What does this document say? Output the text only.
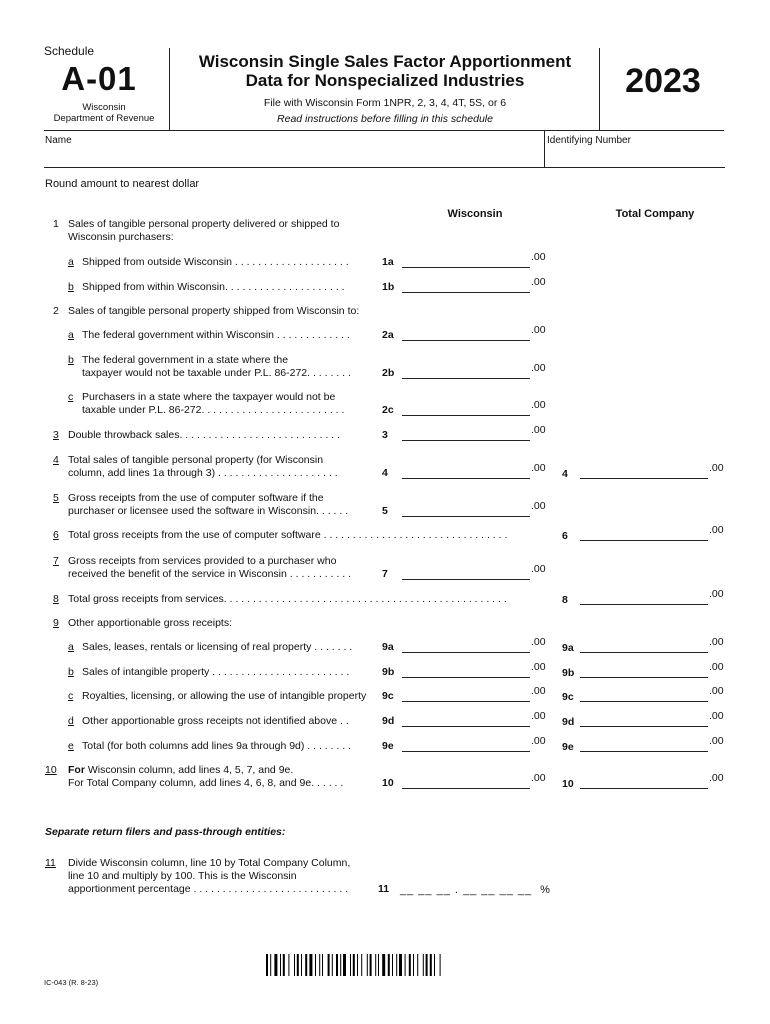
Schedule
A-01
Wisconsin
Department of Revenue
Wisconsin Single Sales Factor Apportionment
Data for Nonspecialized Industries
File with Wisconsin Form 1NPR, 2, 3, 4, 4T, 5S, or 6
Read instructions before filling in this schedule
2023
Name	Identifying Number
Round amount to nearest dollar
Wisconsin	Total Company
1 Sales of tangible personal property delivered or shipped to
Wisconsin purchasers:
a Shipped from outside Wisconsin . . . . . . . . . . . . . . . . . . . .	1a	.00
b Shipped from within Wisconsin. . . . . . . . . . . . . . . . . . . . .	1b	.00
2 Sales of tangible personal property shipped from Wisconsin to:
a The federal government within Wisconsin . . . . . . . . . . . . .	2a	.00
b The federal government in a state where the
taxpayer would not be taxable under P.L. 86-272. . . . . . . .	2b	.00
c Purchasers in a state where the taxpayer would not be
taxable under P.L. 86-272. . . . . . . . . . . . . . . . . . . . . . . . .	2c	.00
3 Double throwback sales. . . . . . . . . . . . . . . . . . . . . . . . . . . .	3	.00
4 Total sales of tangible personal property (for Wisconsin
column, add lines 1a through 3) . . . . . . . . . . . . . . . . . . . . .	4	.00 4	.00
5 Gross receipts from the use of computer software if the
purchaser or licensee used the software in Wisconsin. . . . . .	5	.00
6 Total gross receipts from the use of computer software . . . . . . . . . . . . . . . . . . . . . . . . . . . . . . . .	6	.00
7 Gross receipts from services provided to a purchaser who
received the benefit of the service in Wisconsin . . . . . . . . . . .	7	.00
8 Total gross receipts from services. . . . . . . . . . . . . . . . . . . . . . . . . . . . . . . . . . . . . . . . . . . . . . . . .	8	.00
9 Other apportionable gross receipts:
a Sales, leases, rentals or licensing of real property . . . . . . .	9a	.00 9a	.00
b Sales of intangible property . . . . . . . . . . . . . . . . . . . . . . . .	9b	.00 9b	.00
c Royalties, licensing, or allowing the use of intangible property 9c	.00 9c	.00
d Other apportionable gross receipts not identified above . .	9d	.00 9d	.00
e Total (for both columns add lines 9a through 9d) . . . . . . . .	9e	.00 9e	.00
10 For Wisconsin column, add lines 4, 5, 7, and 9e.
For Total Company column, add lines 4, 6, 8, and 9e. . . . . .	10	.00 10	.00
Separate return filers and pass-through entities:
11 Divide Wisconsin column, line 10 by Total Company Column,
line 10 and multiply by 100. This is the Wisconsin
apportionment percentage . . . . . . . . . . . . . . . . . . . . . . . . . . .	11 __ __ __ . __ __ __ __ %
IC-043 (R. 8-23)
